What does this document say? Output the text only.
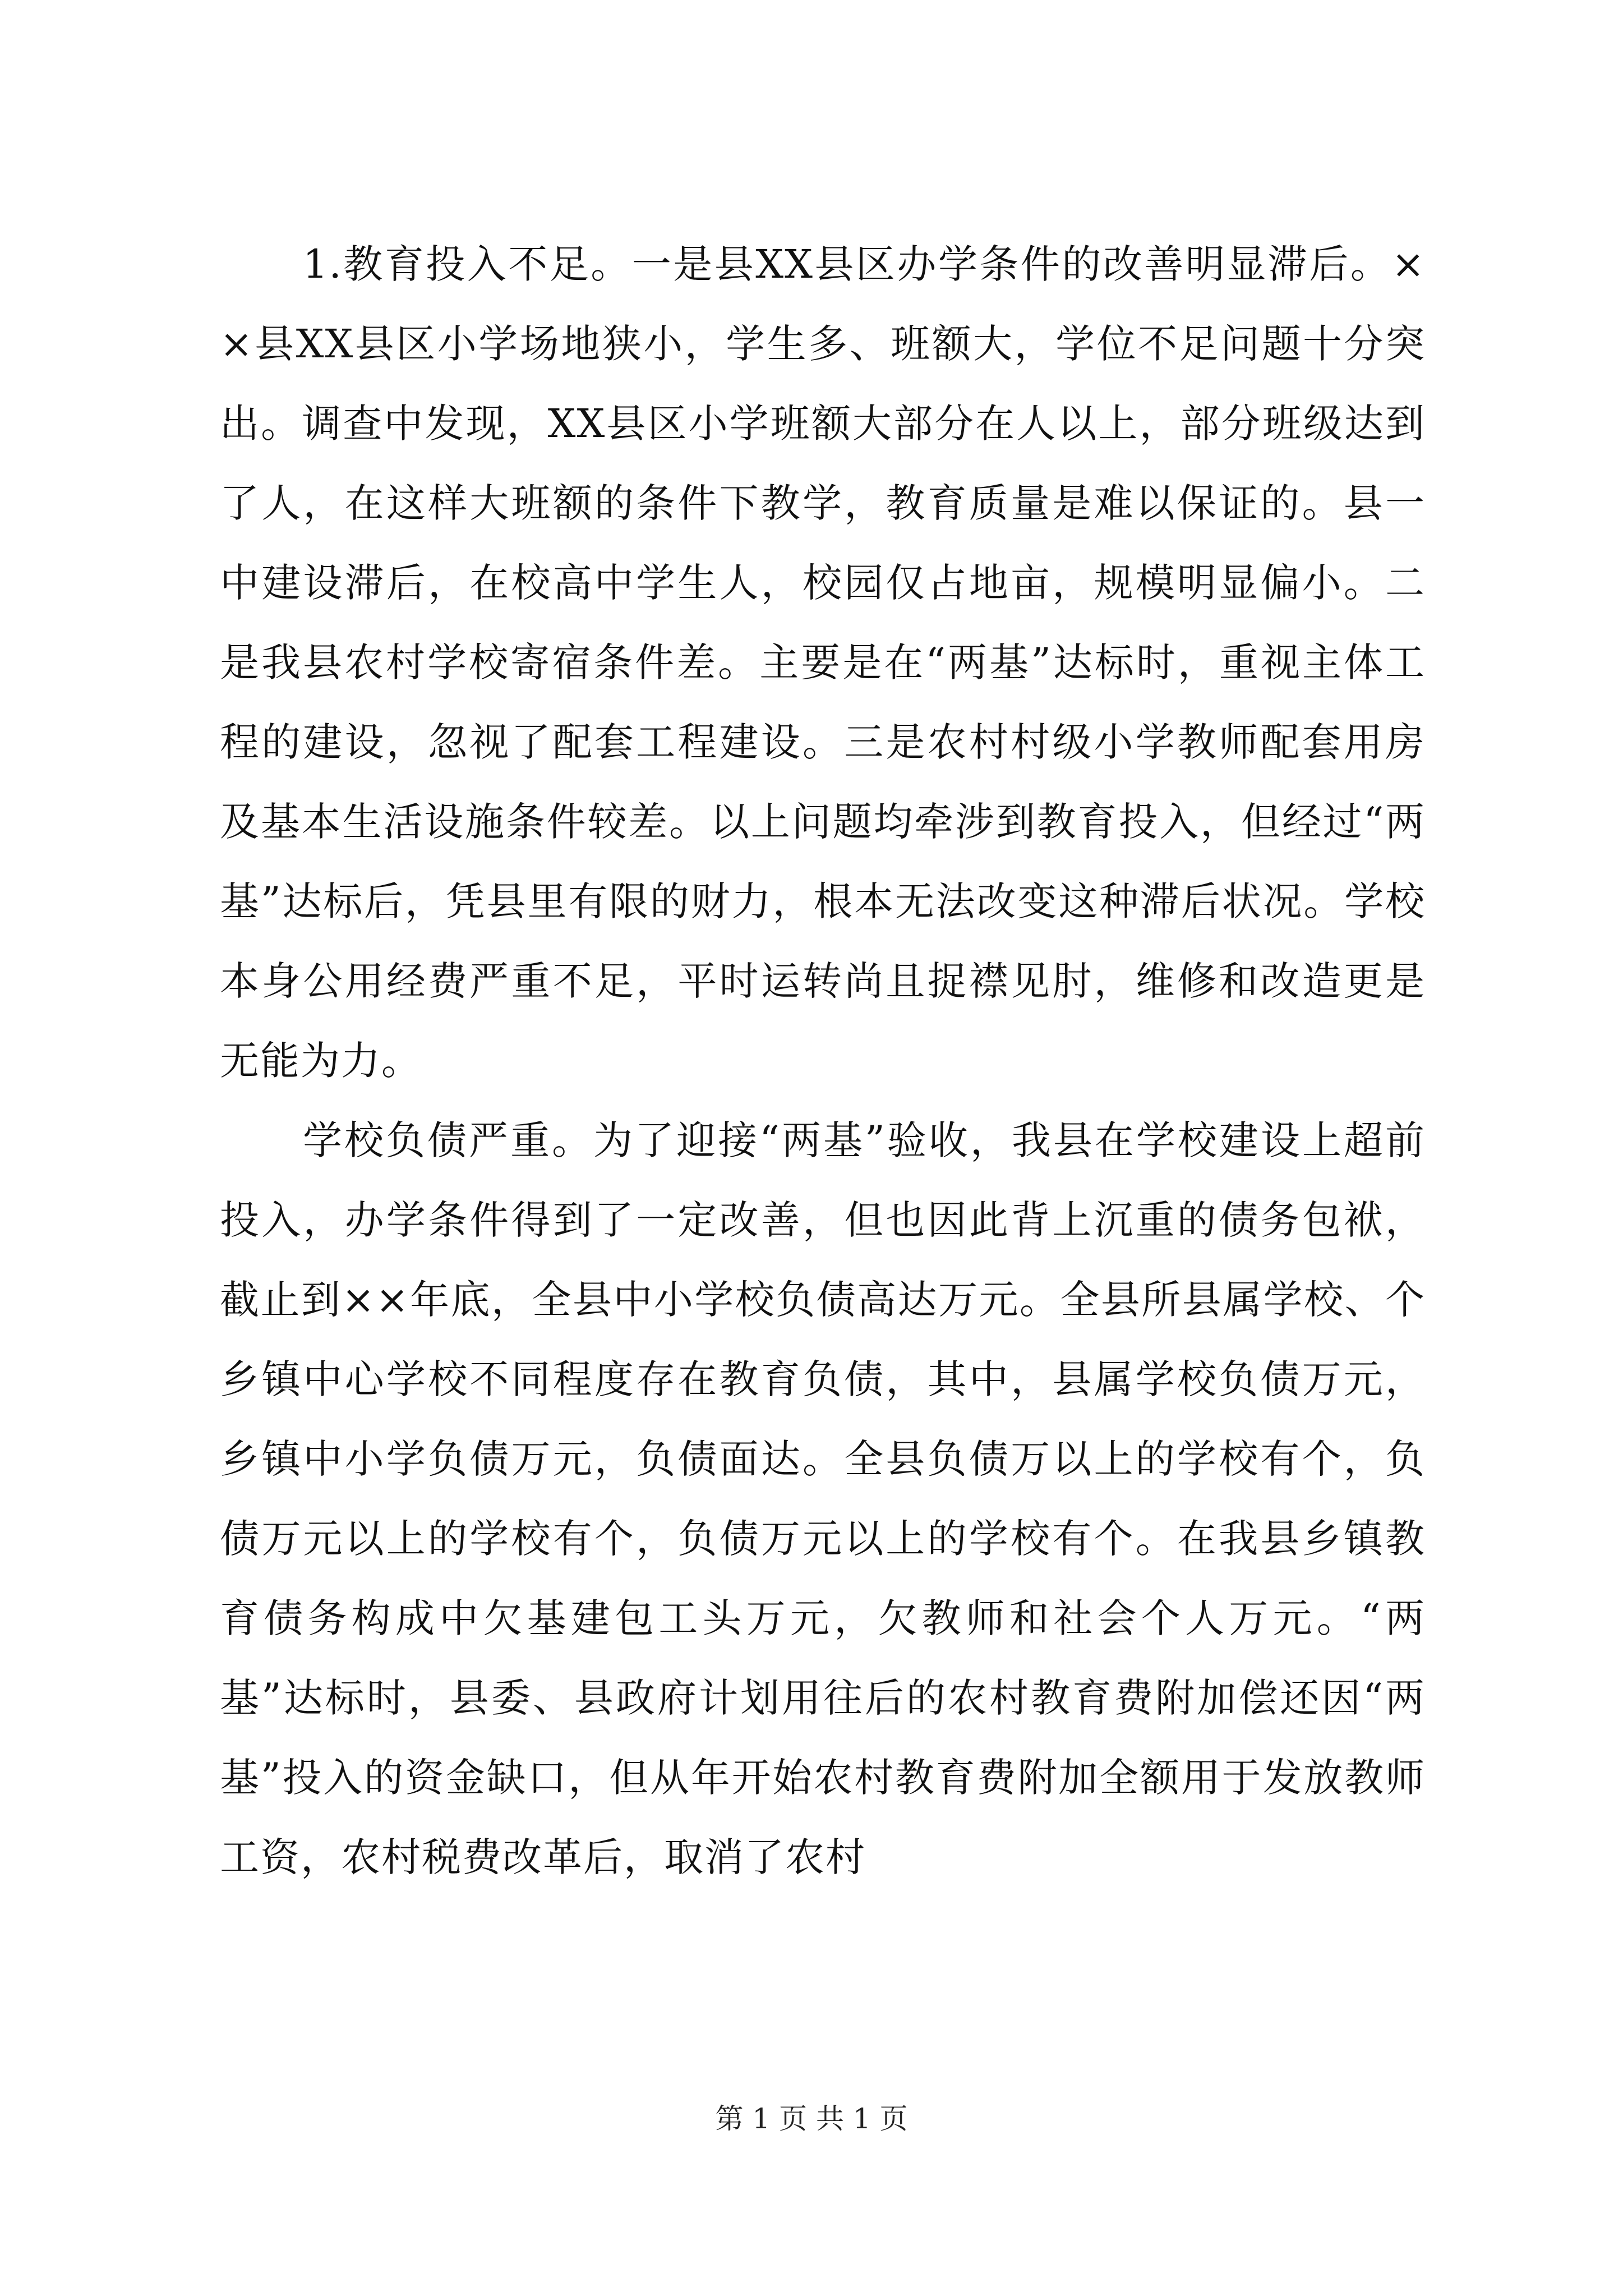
1.教育投入不足。一是县XX县区办学条件的改善明显滞后。××县XX县区小学场地狭小，学生多、班额大，学位不足问题十分突出。调查中发现，XX县区小学班额大部分在人以上，部分班级达到了人，在这样大班额的条件下教学，教育质量是难以保证的。县一中建设滞后，在校高中学生人，校园仅占地亩，规模明显偏小。二是我县农村学校寄宿条件差。主要是在“两基”达标时，重视主体工程的建设，忽视了配套工程建设。三是农村村级小学教师配套用房及基本生活设施条件较差。以上问题均牵涉到教育投入，但经过“两基”达标后，凭县里有限的财力，根本无法改变这种滞后状况。学校本身公用经费严重不足，平时运转尚且捉襟见肘，维修和改造更是无能为力。

学校负债严重。为了迎接“两基”验收，我县在学校建设上超前投入，办学条件得到了一定改善，但也因此背上沉重的债务包袱，截止到××年底，全县中小学校负债高达万元。全县所县属学校、个乡镇中心学校不同程度存在教育负债，其中，县属学校负债万元，乡镇中小学负债万元，负债面达。全县负债万以上的学校有个，负债万元以上的学校有个，负债万元以上的学校有个。在我县乡镇教育债务构成中欠基建包工头万元，欠教师和社会个人万元。“两基”达标时，县委、县政府计划用往后的农村教育费附加偿还因“两基”投入的资金缺口，但从年开始农村教育费附加全额用于发放教师工资，农村税费改革后，取消了农村

第 1 页 共 1 页
